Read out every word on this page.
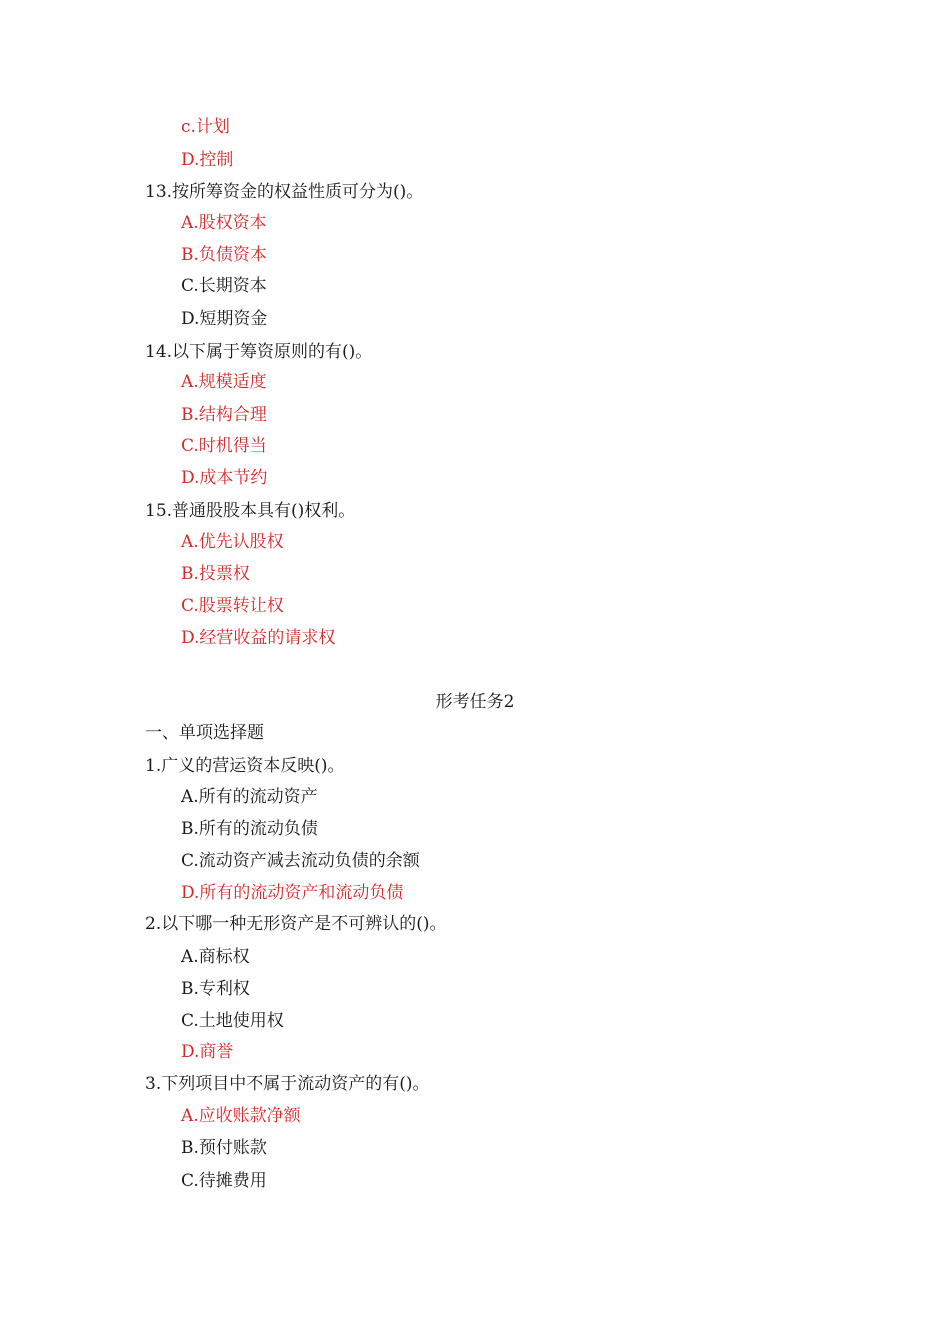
c.计划
D.控制
13.按所筹资金的权益性质可分为()。
A.股权资本
B.负债资本
C.长期资本
D.短期资金
14.以下属于筹资原则的有()。
A.规模适度
B.结构合理
C.时机得当
D.成本节约
15.普通股股本具有()权利。
A.优先认股权
B.投票权
C.股票转让权
D.经营收益的请求权
形考任务2
一、单项选择题
1.广义的营运资本反映()。
A.所有的流动资产
B.所有的流动负债
C.流动资产减去流动负债的余额
D.所有的流动资产和流动负债
2.以下哪一种无形资产是不可辨认的()。
A.商标权
B.专利权
C.土地使用权
D.商誉
3.下列项目中不属于流动资产的有()。
A.应收账款净额
B.预付账款
C.待摊费用
